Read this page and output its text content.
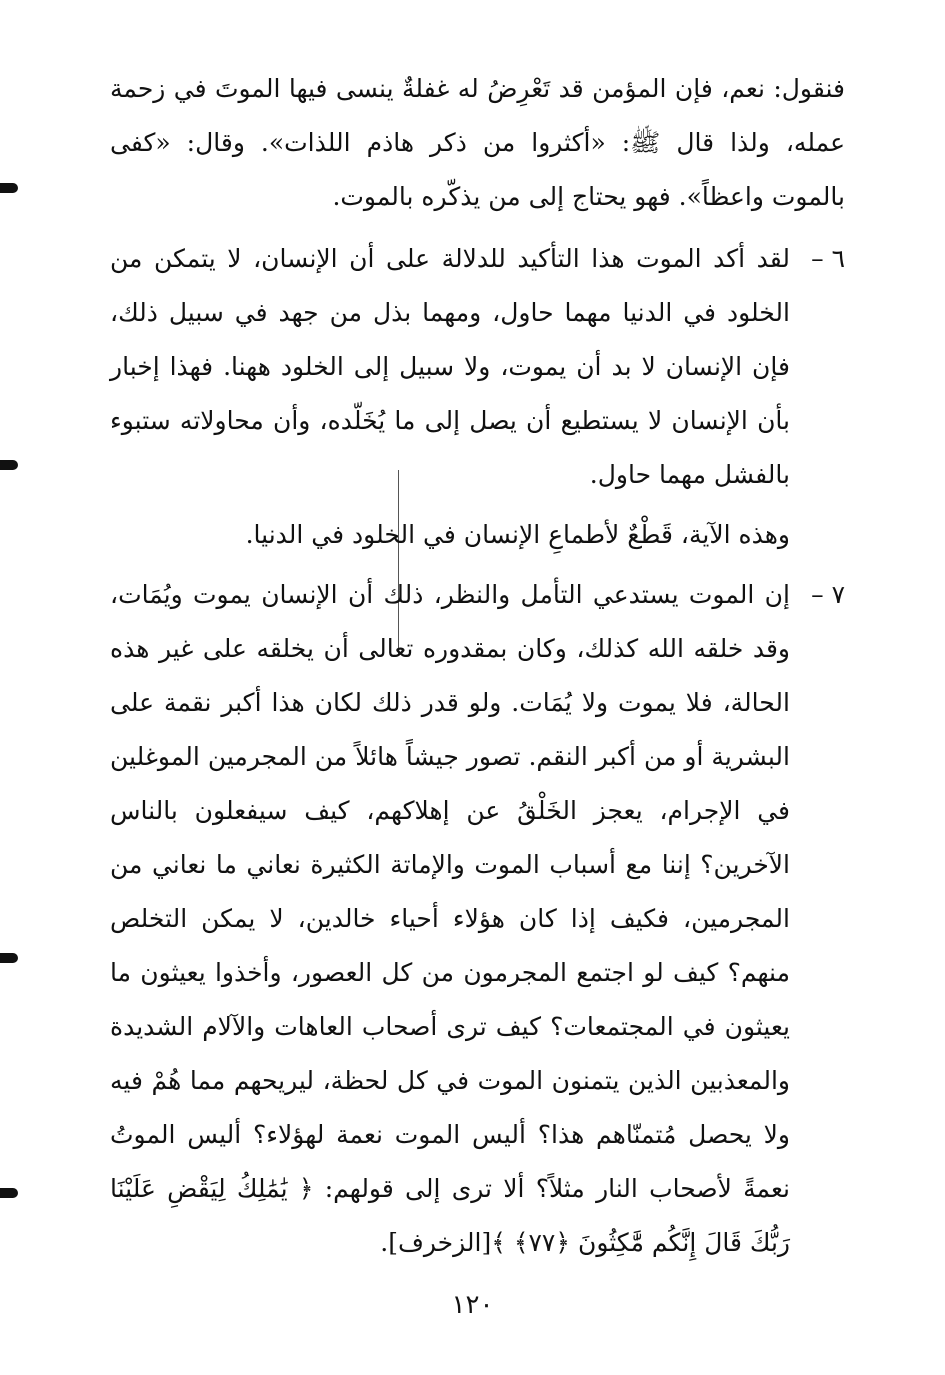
فنقول: نعم، فإن المؤمن قد تَعْرِضُ له غفلةٌ ينسى فيها الموتَ في زحمة عمله، ولذا قال ﷺ: «أكثروا من ذكر هاذم اللذات». وقال: «كفى بالموت واعظاً». فهو يحتاج إلى من يذكّره بالموت.

٦ –
لقد أكد الموت هذا التأكيد للدلالة على أن الإنسان، لا يتمكن من الخلود في الدنيا مهما حاول، ومهما بذل من جهد في سبيل ذلك، فإن الإنسان لا بد أن يموت، ولا سبيل إلى الخلود ههنا. فهذا إخبار بأن الإنسان لا يستطيع أن يصل إلى ما يُخَلّده، وأن محاولاته ستبوء بالفشل مهما حاول.

وهذه الآية، قَطْعٌ لأطماعِ الإنسان في الخلود في الدنيا.

٧ –
إن الموت يستدعي التأمل والنظر، ذلك أن الإنسان يموت ويُمَات، وقد خلقه الله كذلك، وكان بمقدوره تعالى أن يخلقه على غير هذه الحالة، فلا يموت ولا يُمَات. ولو قدر ذلك لكان هذا أكبر نقمة على البشرية أو من أكبر النقم. تصور جيشاً هائلاً من المجرمين الموغلين في الإجرام، يعجز الخَلْقُ عن إهلاكهم، كيف سيفعلون بالناس الآخرين؟ إننا مع أسباب الموت والإماتة الكثيرة نعاني ما نعاني من المجرمين، فكيف إذا كان هؤلاء أحياء خالدين، لا يمكن التخلص منهم؟ كيف لو اجتمع المجرمون من كل العصور، وأخذوا يعيثون ما يعيثون في المجتمعات؟ كيف ترى أصحاب العاهات والآلام الشديدة والمعذبين الذين يتمنون الموت في كل لحظة، ليريحهم مما هُمْ فيه ولا يحصل مُتمنّاهم هذا؟ أليس الموت نعمة لهؤلاء؟ أليس الموتُ نعمةً لأصحاب النار مثلاً؟ ألا ترى إلى قولهم: ﴿ يَٰمَٰلِكُ لِيَقْضِ عَلَيْنَا رَبُّكَ قَالَ إِنَّكُم مَّٰكِثُونَ ﴿٧٧﴾ ﴾[الزخرف].
١٢٠
